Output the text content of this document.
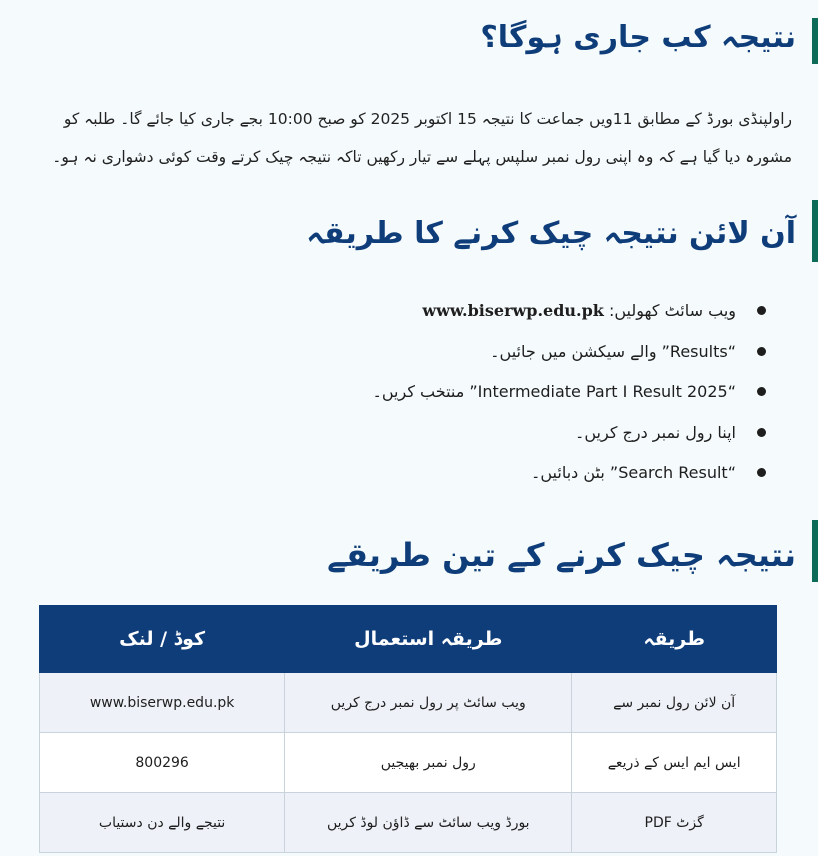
نتیجہ کب جاری ہوگا؟

راولپنڈی بورڈ کے مطابق 11ویں جماعت کا نتیجہ 15 اکتوبر 2025 کو صبح 10:00 بجے جاری کیا جائے گا۔ طلبہ کو مشورہ دیا گیا ہے کہ وہ اپنی رول نمبر سلپس پہلے سے تیار رکھیں تاکہ نتیجہ چیک کرتے وقت کوئی دشواری نہ ہو۔

آن لائن نتیجہ چیک کرنے کا طریقہ
ویب سائٹ کھولیں: www.biserwp.edu.pk
“Results” والے سیکشن میں جائیں۔
“Intermediate Part I Result 2025” منتخب کریں۔
اپنا رول نمبر درج کریں۔
“Search Result” بٹن دبائیں۔
نتیجہ چیک کرنے کے تین طریقے
طریقہ	طریقہ استعمال	کوڈ / لنک
آن لائن رول نمبر سے	ویب سائٹ پر رول نمبر درج کریں	www.biserwp.edu.pk
ایس ایم ایس کے ذریعے	رول نمبر بھیجیں	800296
گزٹ PDF	بورڈ ویب سائٹ سے ڈاؤن لوڈ کریں	نتیجے والے دن دستیاب
